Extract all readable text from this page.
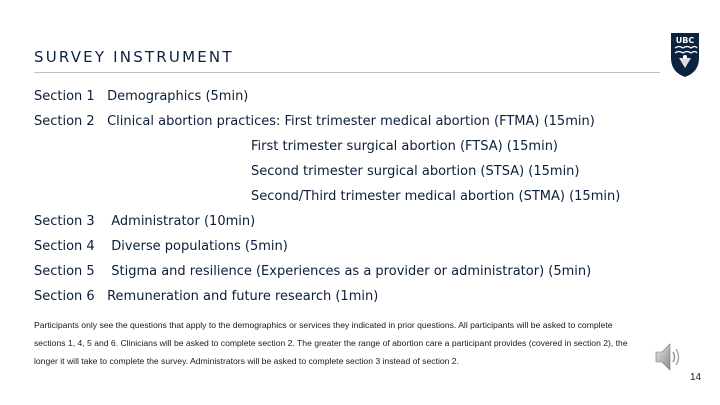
SURVEY INSTRUMENT
UBC
Section 1 Demographics (5min)
Section 2 Clinical abortion practices: First trimester medical abortion (FTMA) (15min)
First trimester surgical abortion (FTSA) (15min)
Second trimester surgical abortion (STSA) (15min)
Second/Third trimester medical abortion (STMA) (15min)
Section 3 Administrator (10min)
Section 4 Diverse populations (5min)
Section 5 Stigma and resilience (Experiences as a provider or administrator) (5min)
Section 6 Remuneration and future research (1min)
Participants only see the questions that apply to the demographics or services they indicated in prior questions. All participants will be asked to complete sections 1, 4, 5 and 6. Clinicians will be asked to complete section 2. The greater the range of abortion care a participant provides (covered in section 2), the longer it will take to complete the survey. Administrators will be asked to complete section 3 instead of section 2.
14
